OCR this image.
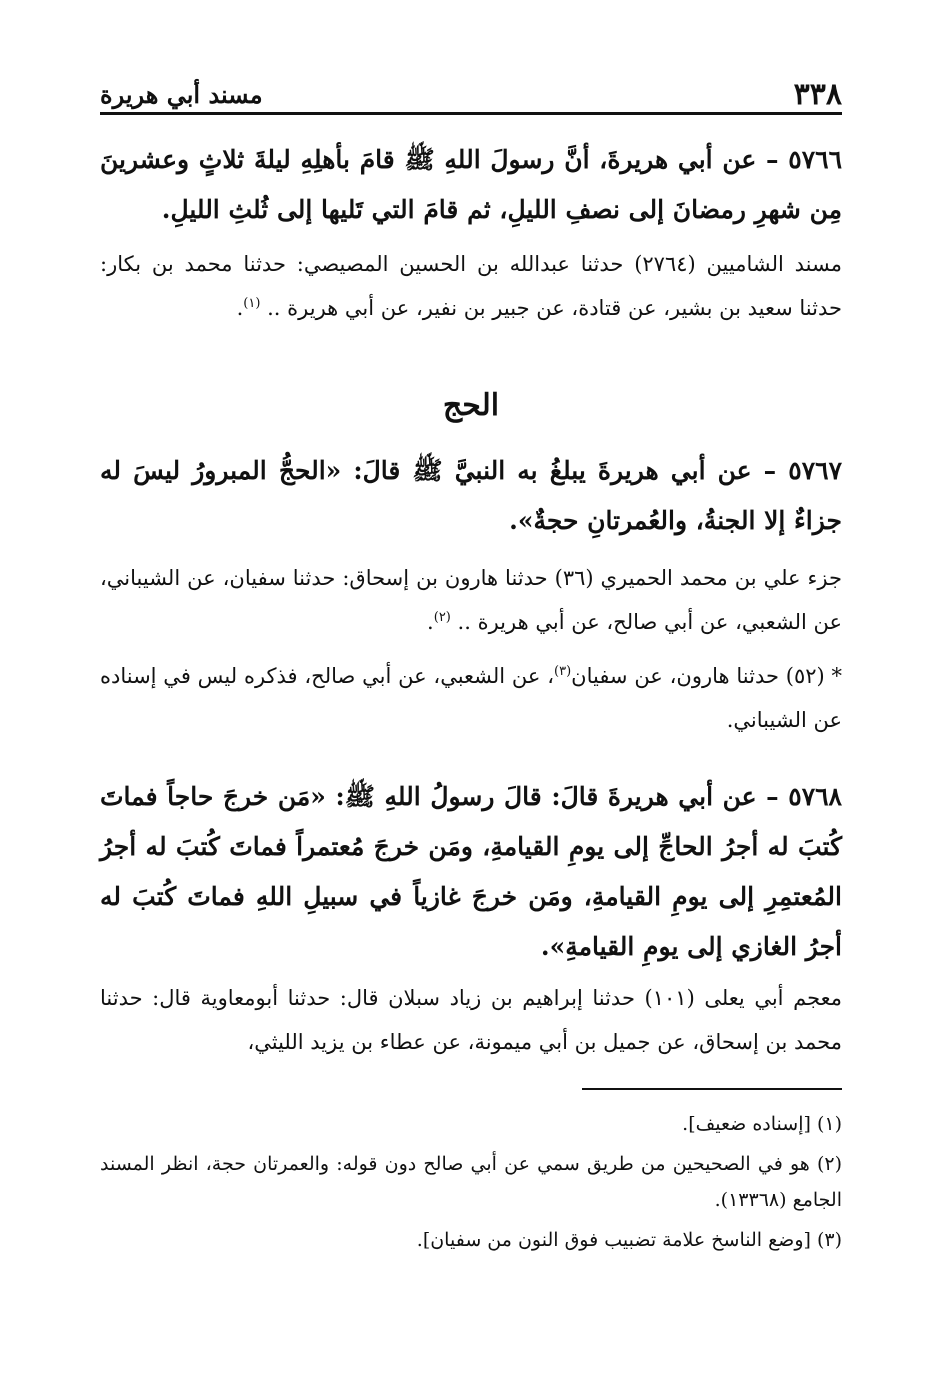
٣٣٨
مسند أبي هريرة

٥٧٦٦ – عن أبي هريرةَ، أنَّ رسولَ اللهِ ﷺ قامَ بأهلِهِ ليلةَ ثلاثٍ وعشرينَ مِن شهرِ رمضانَ إلى نصفِ الليلِ، ثم قامَ التي تَليها إلى ثُلثِ الليلِ.

مسند الشاميين (٢٧٦٤) حدثنا عبدالله بن الحسين المصيصي: حدثنا محمد بن بكار: حدثنا سعيد بن بشير، عن قتادة، عن جبير بن نفير، عن أبي هريرة .. $^{(١)}$.

الحج

٥٧٦٧ – عن أبي هريرةَ يبلغُ به النبيَّ ﷺ قالَ: «الحجُّ المبرورُ ليسَ له جزاءٌ إلا الجنةُ، والعُمرتانِ حجةٌ».

جزء علي بن محمد الحميري (٣٦) حدثنا هارون بن إسحاق: حدثنا سفيان، عن الشيباني، عن الشعبي، عن أبي صالح، عن أبي هريرة .. $^{(٢)}$.

* (٥٢) حدثنا هارون، عن سفيان$^{(٣)}$، عن الشعبي، عن أبي صالح، فذكره ليس في إسناده عن الشيباني.

٥٧٦٨ – عن أبي هريرةَ قالَ: قالَ رسولُ اللهِ ﷺ: «مَن خرجَ حاجاً فماتَ كُتبَ له أجرُ الحاجِّ إلى يومِ القيامةِ، ومَن خرجَ مُعتمراً فماتَ كُتبَ له أجرُ المُعتمِرِ إلى يومِ القيامةِ، ومَن خرجَ غازياً في سبيلِ اللهِ فماتَ كُتبَ له أجرُ الغازي إلى يومِ القيامةِ».

معجم أبي يعلى (١٠١) حدثنا إبراهيم بن زياد سبلان قال: حدثنا أبومعاوية قال: حدثنا محمد بن إسحاق، عن جميل بن أبي ميمونة، عن عطاء بن يزيد الليثي،

(١) [إسناده ضعيف].

(٢) هو في الصحيحين من طريق سمي عن أبي صالح دون قوله: والعمرتان حجة، انظر المسند الجامع (١٣٣٦٨).

(٣) [وضع الناسخ علامة تضبيب فوق النون من سفيان].
